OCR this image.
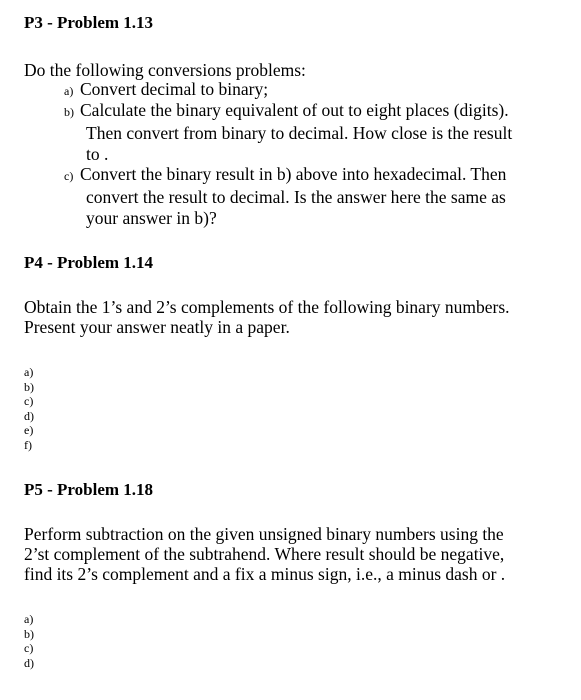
P3 - Problem 1.13
Do the following conversions problems:
a) Convert decimal to binary;
b) Calculate the binary equivalent of out to eight places (digits).
Then convert from binary to decimal. How close is the result
to .
c) Convert the binary result in b) above into hexadecimal. Then
convert the result to decimal. Is the answer here the same as
your answer in b)?
P4 - Problem 1.14
Obtain the 1’s and 2’s complements of the following binary numbers.
Present your answer neatly in a paper.
a)
b)
c)
d)
e)
f)
P5 - Problem 1.18
Perform subtraction on the given unsigned binary numbers using the
2’st complement of the subtrahend. Where result should be negative,
find its 2’s complement and a fix a minus sign, i.e., a minus dash or .
a)
b)
c)
d)
